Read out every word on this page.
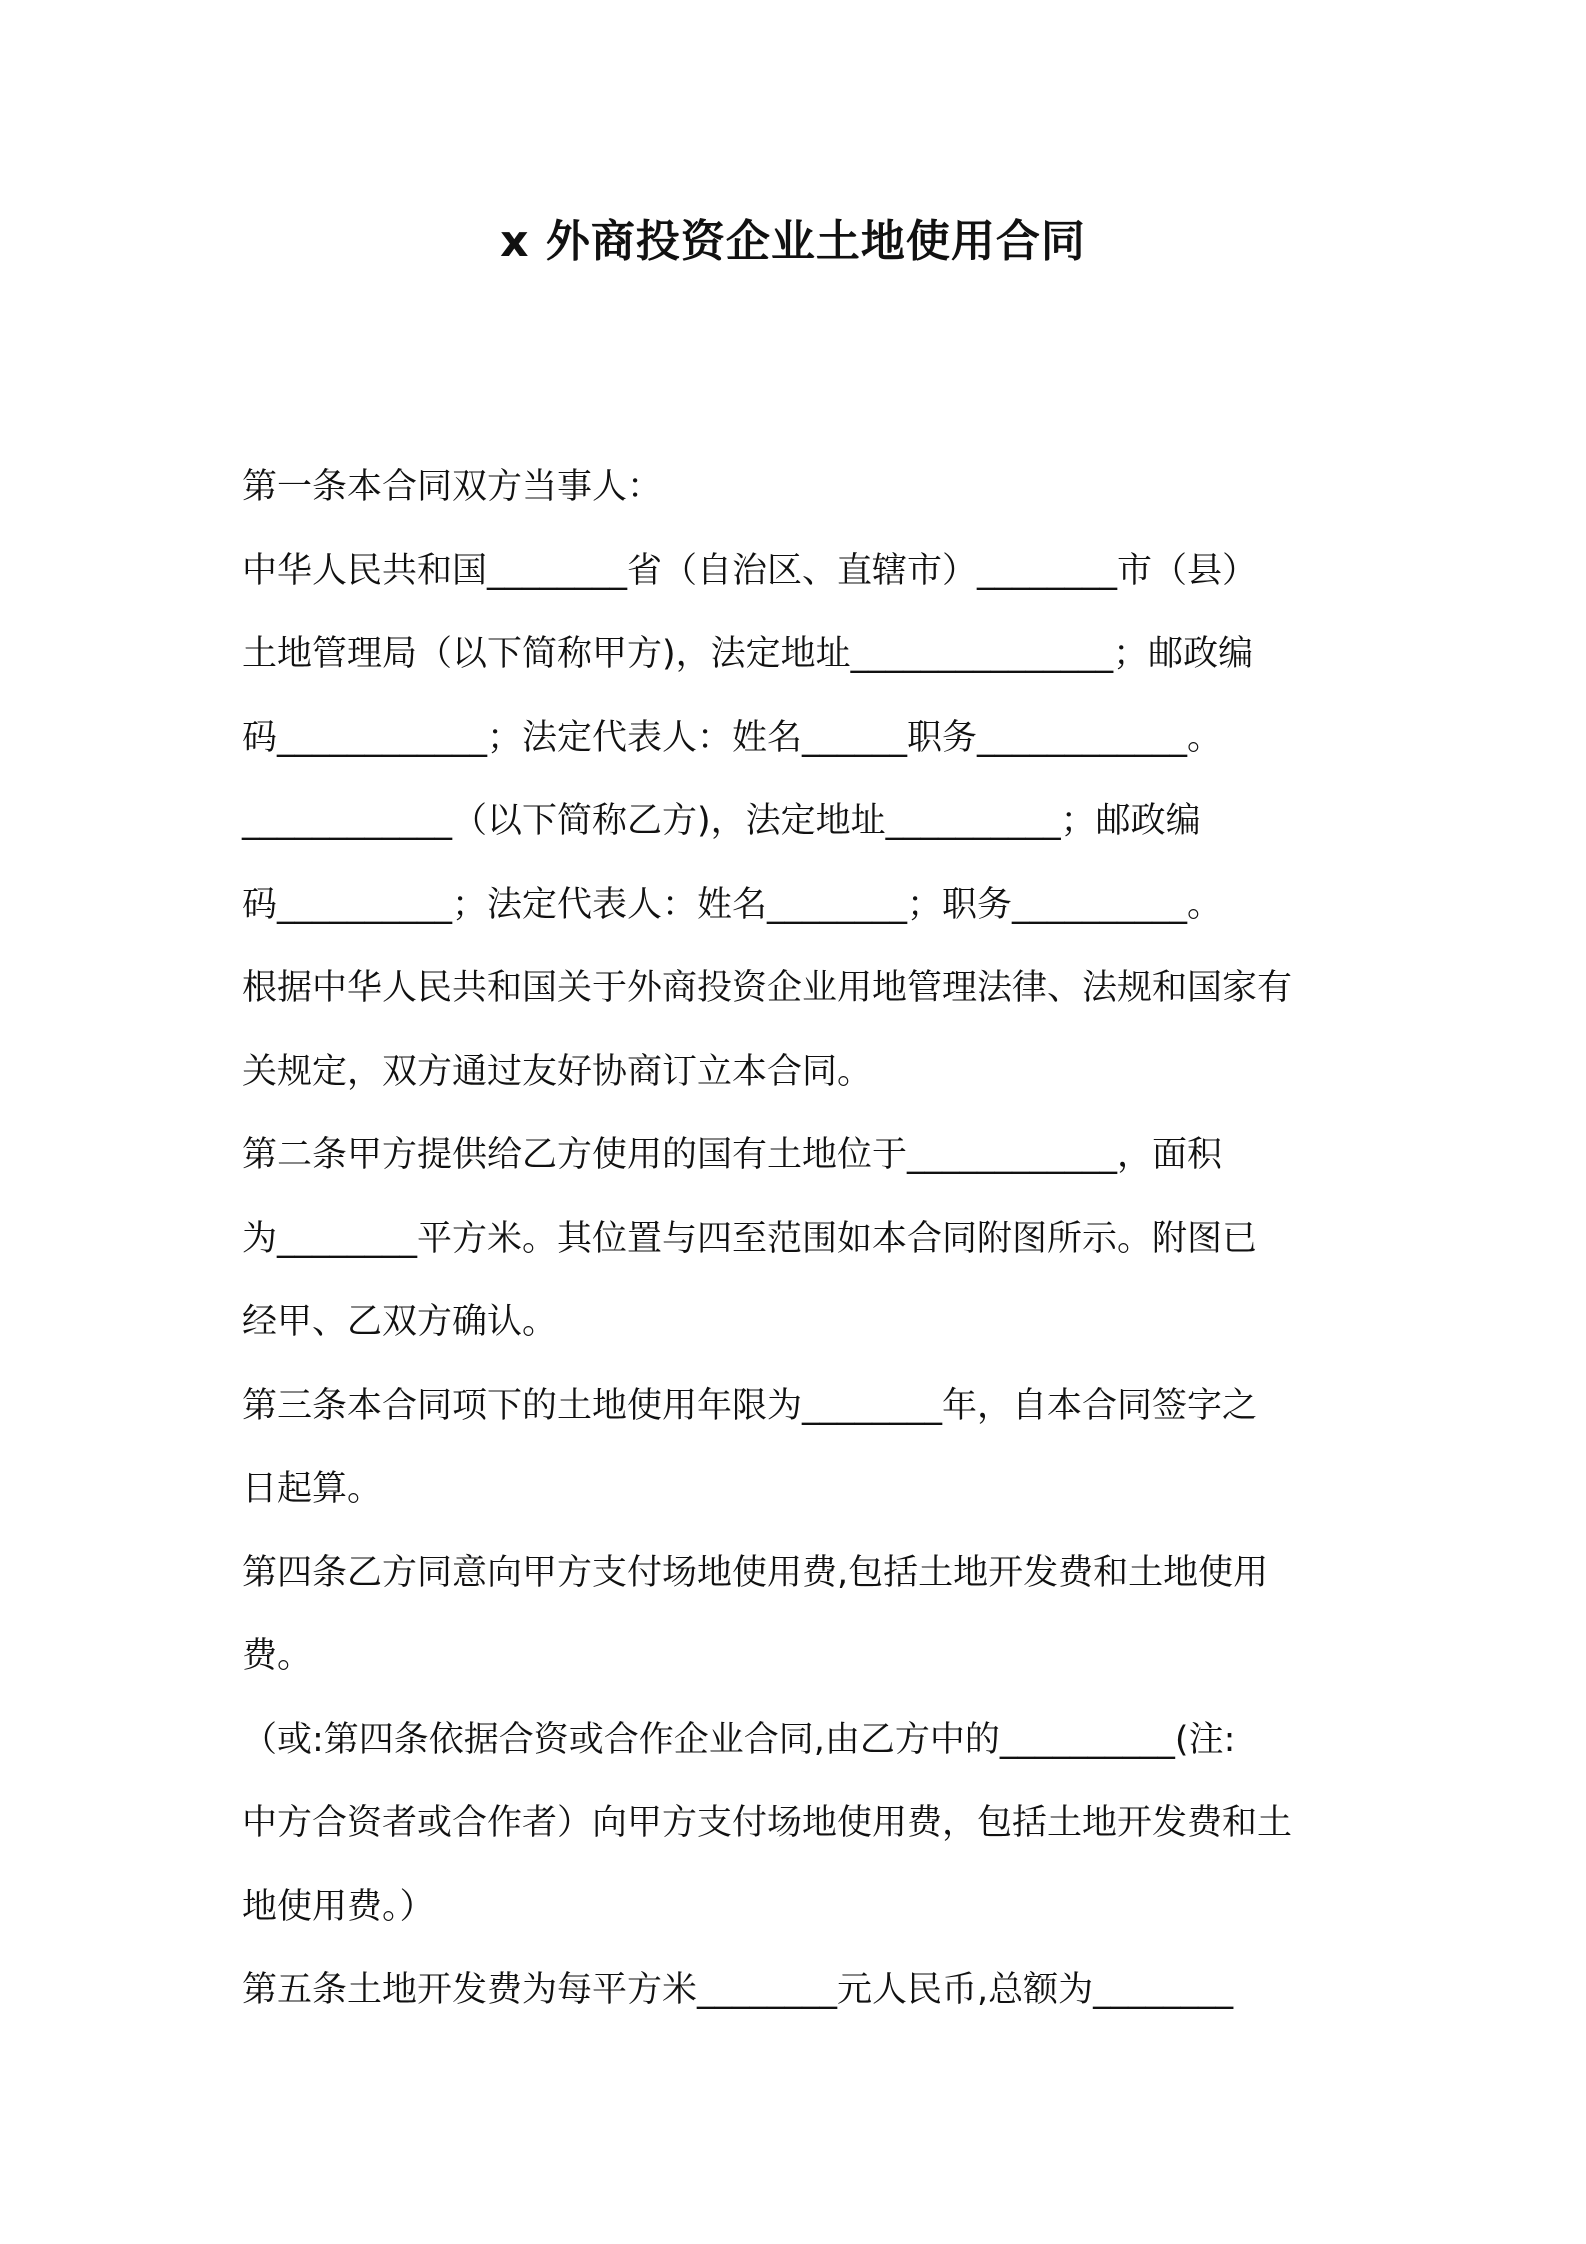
x 外商投资企业土地使用合同
第一条本合同双方当事人：
中华人民共和国________省（自治区、直辖市）________市（县）
土地管理局（以下简称甲方)，法定地址_______________；邮政编
码____________；法定代表人：姓名______职务____________。
____________（以下简称乙方)，法定地址__________；邮政编
码__________；法定代表人：姓名________；职务__________。
根据中华人民共和国关于外商投资企业用地管理法律、法规和国家有
关规定，双方通过友好协商订立本合同。
第二条甲方提供给乙方使用的国有土地位于____________，面积
为________平方米。其位置与四至范围如本合同附图所示。附图已
经甲、乙双方确认。
第三条本合同项下的土地使用年限为________年，自本合同签字之
日起算。
第四条乙方同意向甲方支付场地使用费,包括土地开发费和土地使用
费。
（或:第四条依据合资或合作企业合同,由乙方中的__________(注:
中方合资者或合作者）向甲方支付场地使用费，包括土地开发费和土
地使用费。）
第五条土地开发费为每平方米________元人民币,总额为________
